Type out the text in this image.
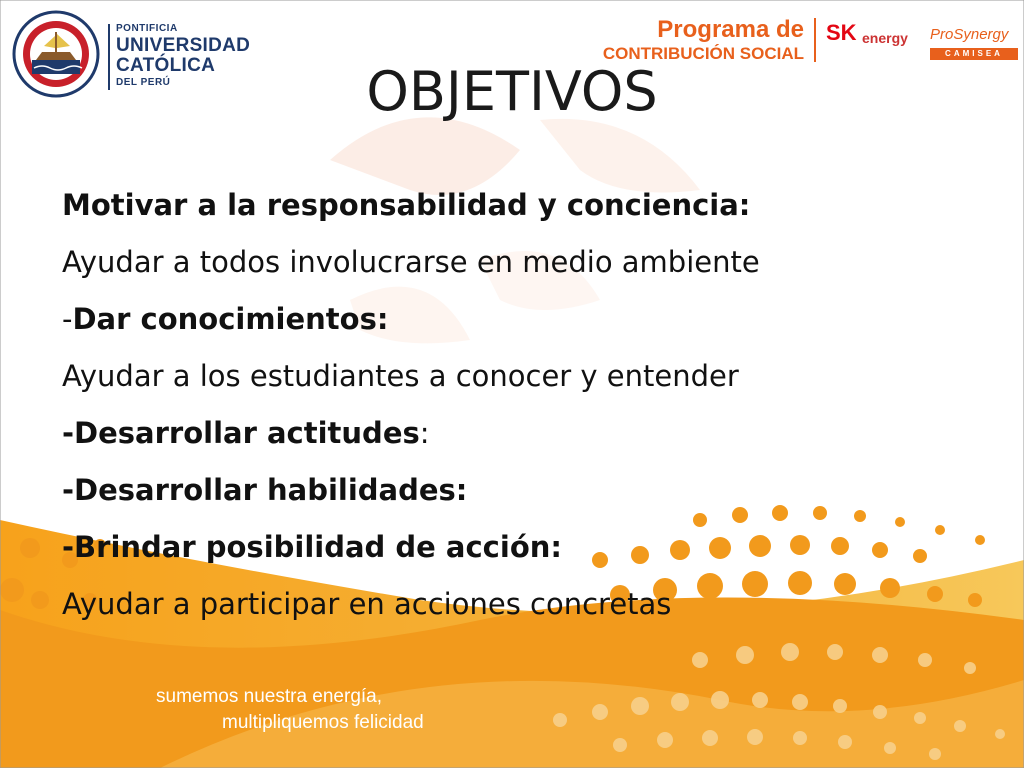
PONTIFICIA
UNIVERSIDAD
CATÓLICA
DEL PERÚ
Programa de
CONTRIBUCIÓN SOCIAL
SK energy ProSynergy
CAMISEA
OBJETIVOS
Motivar a la responsabilidad y conciencia:
Ayudar a todos involucrarse en medio ambiente
-Dar conocimientos:
Ayudar a los estudiantes a conocer y entender
-Desarrollar actitudes:
-Desarrollar habilidades:
-Brindar posibilidad de acción:
Ayudar a participar en acciones concretas
sumemos nuestra energía,
multipliquemos felicidad
